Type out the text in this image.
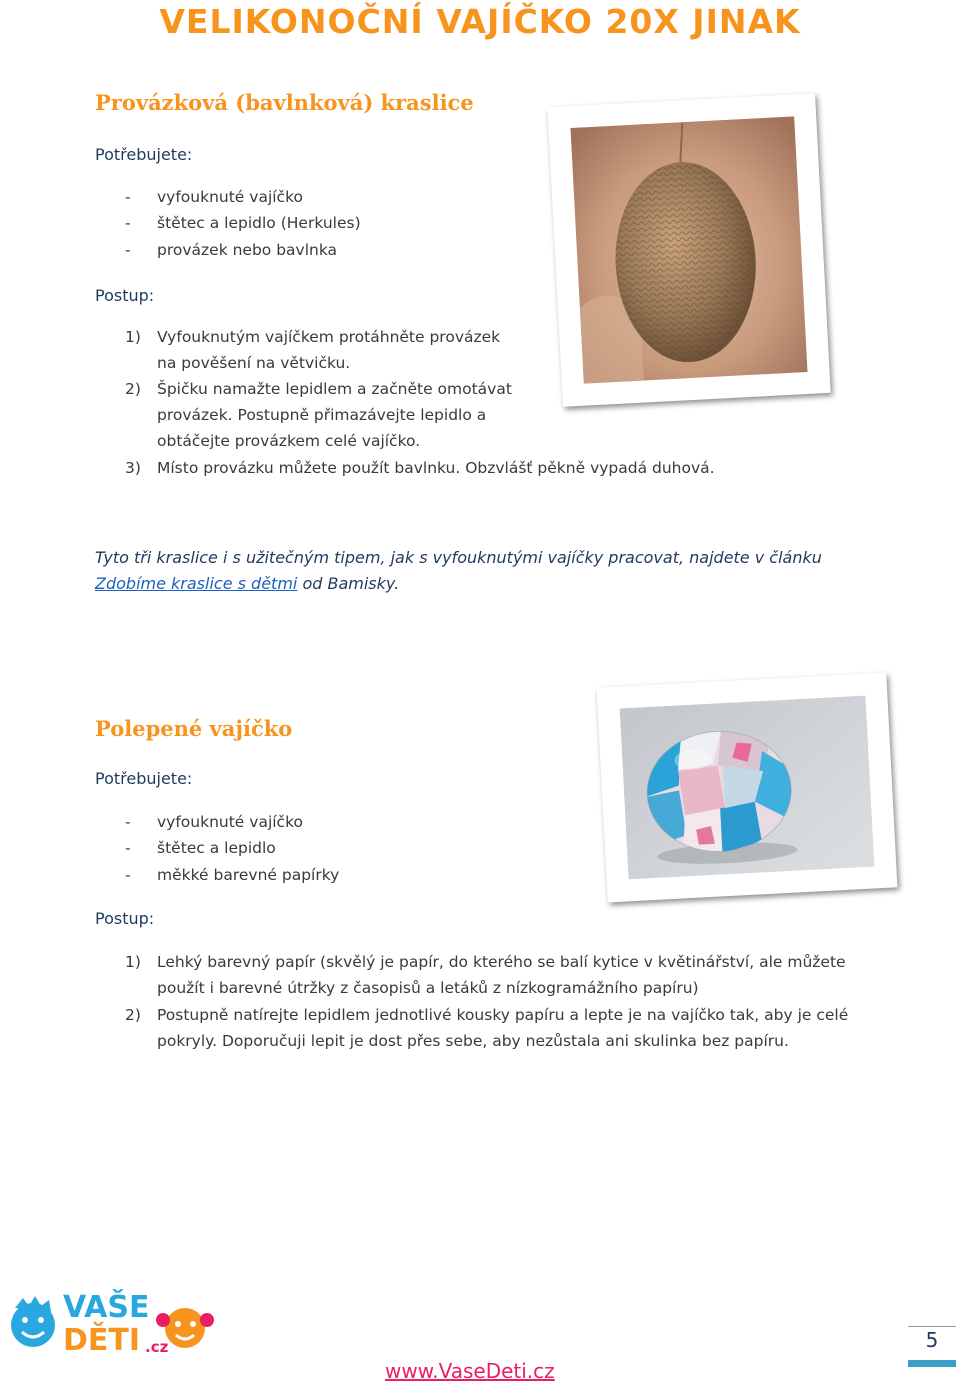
VELIKONOČNÍ VAJÍČKO 20X JINAK
Provázková (bavlnková) kraslice
Potřebujete:
- vyfouknuté vajíčko
- štětec a lepidlo (Herkules)
- provázek nebo bavlnka
Postup:
1) Vyfouknutým vajíčkem protáhněte provázek
na pověšení na větvičku.
2) Špičku namažte lepidlem a začněte omotávat
provázek. Postupně přimazávejte lepidlo a
obtáčejte provázkem celé vajíčko.
3) Místo provázku můžete použít bavlnku. Obzvlášť pěkně vypadá duhová.
Tyto tři kraslice i s užitečným tipem, jak s vyfouknutými vajíčky pracovat, najdete v článku Zdobíme kraslice s dětmi od Bamisky.
Polepené vajíčko
Potřebujete:
- vyfouknuté vajíčko
- štětec a lepidlo
- měkké barevné papírky
Postup:
1) Lehký barevný papír (skvělý je papír, do kterého se balí kytice v květinářství, ale můžete
použít i barevné útržky z časopisů a letáků z nízkogramážního papíru)
2) Postupně natírejte lepidlem jednotlivé kousky papíru a lepte je na vajíčko tak, aby je celé
pokryly. Doporučuji lepit je dost přes sebe, aby nezůstala ani skulinka bez papíru.
VAŠE
DĚTI .cz
www.VaseDeti.cz
5
